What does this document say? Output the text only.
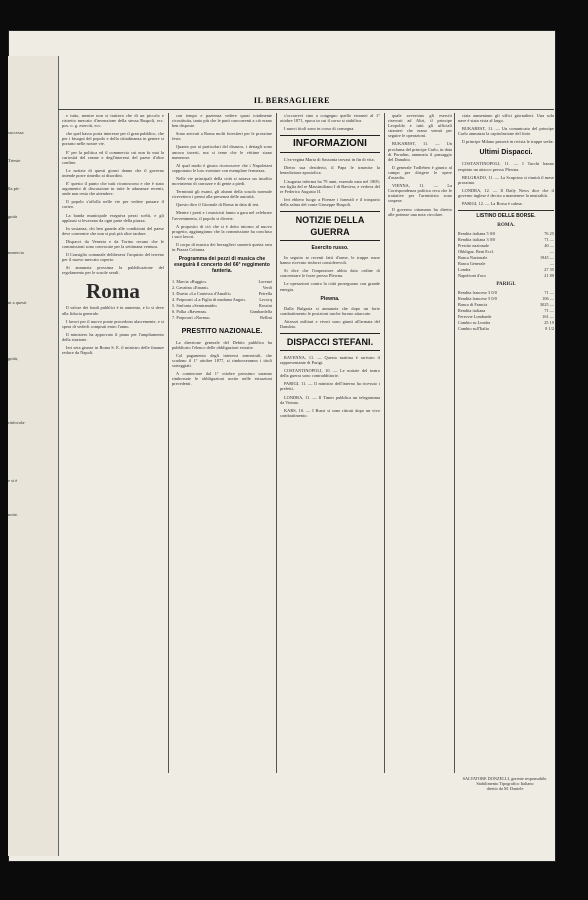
successa
Trieste
lla pit-
gnità
mmercio
ni a questi
gnità,
rinfocola-
e si è
notie.
IL BERSAGLIERE

e tutto, mentre non si trattava che di un piccolo e ristretto mercato d'invenzione della stessa Ruspoli, ecc. pos. o. g. eserciti, ecc.

che quel basso porta interesse per il gran pubblico, che per i bisogni del popolo e della cittadinanza in genere si portano nelle nostre vie.

E' per la politica ed il commercio cui non fu mai la curiosità del reame e degl'interessi del paese d'oltre confine.

Le notizie di questi giorni danno che il governo intende porre rimedio ai disordini.

E' questo il punto che tutti riconoscono e che è stato argomento di discussione in tutte le adunanze recenti, onde non resta che attendere.

Il popolo s'affolla nelle vie per vedere passare il corteo.

La banda municipale eseguiva pezzi scelti, e gli applausi si levavano da ogni parte della piazza.

In sostanza, chi ben guarda alle condizioni del paese deve convenire che non si può più oltre tardare.

Dispacci da Venezia e da Torino recano che le commissioni sono convocate per la settimana ventura.

Il Consiglio comunale deliberava l'acquisto del terreno per il nuovo mercato coperto.

Si annunzia prossima la pubblicazione del regolamento per le scuole serali.

Roma

Il valore dei fondi pubblici è in aumento, e lo si deve alla fiducia generale.

I lavori per il nuovo ponte procedono alacremente, e si spera di vederli compiuti entro l'anno.

Il ministero ha approvato il piano per l'ampliamento della stazione.

Ieri sera giunse in Roma S. E. il ministro delle finanze reduce da Napoli.

con tempo e pazienza vedere quasi totalmente ricostituita, tanto più che le parti concorrenti a ciò erano ben disposte.

Sono arrivati a Roma molti forestieri per le prossime feste.

Quanto poi ai particolari del disastro, i dettagli sono ancora incerti, ma si teme che le vittime siano numerose.

Al qual modo è giusto riconoscere che i Napoletani sopportano le loro sventure con esemplare fermezza.

Nelle vie principali della città si notava un insolito movimento di carrozze e di gente a piedi.

Terminati gli esami, gli alunni della scuola normale ricevettero i premi alla presenza delle autorità.

Questo dice il Giornale di Roma in data di ieri.

Mentre i poeti e i musicisti fanno a gara nel celebrare l'avvenimento, il popolo si diverte.

A proposito di ciò che si è detto intorno al nuovo progetto, aggiungiamo che la commissione ha concluso i suoi lavori.

Il corpo di musica dei bersaglieri suonerà questa sera in Piazza Colonna.

Programma dei pezzi di musica che eseguirà il concerto del 66° reggimento fanteria.
1. Marcia «Ruggio»	Lorenzi
2. Cavatina «Ernani»	Verdi
3. Duetto «La Contessa d'Amalfi»	Petrella
4. Potpourri «La Figlia di madama Angot»	Lecocq
5. Sinfonia «Semiramide»	Rossini
6. Polka «Ravenna»	Gambardella
7. Potpourri «Norma»	Bellini
PRESTITO NAZIONALE.

La direzione generale del Debito pubblico ha pubblicato l'elenco delle obbligazioni estratte.

Col pagamento degli interessi semestrali, che scadono il 1° ottobre 1877, si rimborseranno i titoli sorteggiati.

A cominciare dal 1° ottobre prossimo saranno rimborsate le obbligazioni uscite nelle estrazioni precedenti.

s'occorrevi sino a congegno quello estranei al 1° ottobre 1871, epoca in cui il corso si stabiliva.

I nuovi titoli sono in corso di consegna.

INFORMAZIONI

L'ex-regina Maria di Sassonia trovasi in fin di vita.

Dietro sua desiderio, il Papa le trasmise la benedizione apostolica.

L'augusta inferma ha 79 anni, essendo nata nel 1805; era figlia del re Massimiliano I di Baviera, e vedova del re Federico Augusto II.

Ieri ebbero luogo a Firenze i funerali e il trasporto della salma del conte Giuseppe Ruspoli.

NOTIZIE DELLA GUERRA
Esercito russo.

In seguito ai recenti fatti d'arme, le truppe russe hanno ricevuto rinforzi considerevoli.

Si dice che l'imperatore abbia dato ordine di concentrare le forze presso Plewna.

Le operazioni contro la città proseguono con grande energia.

Plewna.

Dalla Bulgaria si annunzia che dopo un forte combattimento le posizioni turche furono attaccate.

Attrezzi militari e viveri sono giunti all'armata del Danubio.

DISPACCI STEFANI.

RAVENNA, 11. — Questa mattina è arrivato il rappresentante di Parigi.

COSTANTINOPOLI, 10. — Le notizie del teatro della guerra sono contraddittorie.

PARIGI, 11. — Il ministro dell'interno ha ricevuto i prefetti.

LONDRA, 11. — Il Times pubblica un telegramma da Vienna.

KARS, 10. — I Russi si sono ritirati dopo un vivo combattimento.

quale avvertono gli eserciti riservati ad Altri, il principe Leopoldo e tutti gli ufficiali stranieri che erano venuti per seguire le operazioni.

BUKAREST, 11. — Un proclama del principe Carlo, in data di Poradim, annunzia il passaggio del Danubio.

Il generale Todleben è giunto al campo per dirigere le opere d'assedio.

VIENNA, 11. — La Corrispondenza politica reca che le trattative per l'armistizio sono sospese.

Il governo ottomano ha diretto alle potenze una nota circolare.

ciata aumentano gli uffici giornalieri. Una sola nave è stata vista al largo.

BUKAREST, 11. — Un comunicato del principe Carlo annunzia la capitolazione del forte.

Il principe Milano passerà in rivista le truppe serbe.

Ultimi Dispacci.

COSTANTINOPOLI, 11. — I Turchi hanno respinto un attacco presso Plewna.

BELGRADO, 11. — La Scupcina si riunirà il mese prossimo.

LONDRA, 12. — Il Daily News dice che il governo inglese è deciso a mantenere la neutralità.

PARIGI, 12. — La Borsa è calma.

LISTINO DELLE BORSE.
ROMA.
Rendita italiana 5 0/0	76 25
Rendita italiana 3 0/0	71 —
Prestito nazionale	40 —
Obbligaz. Beni Eccl.	—
Banca Nazionale	1945 —
Banca Generale	—
Londra	27 35
Napoleoni d'oro	21 80
PARIGI.
Rendita francese 3 0/0	71 —
Rendita francese 5 0/0	106 —
Banca di Francia	3025 —
Rendita italiana	71 —
Ferrovie Lombarde	161 —
Cambio su Londra	25 19
Cambio sull'Italia	8 1/2
SALVATORE DONZELLI, gerente responsabile.
Stabilimento Tipografico Italiano
diretto da M. Daniele
